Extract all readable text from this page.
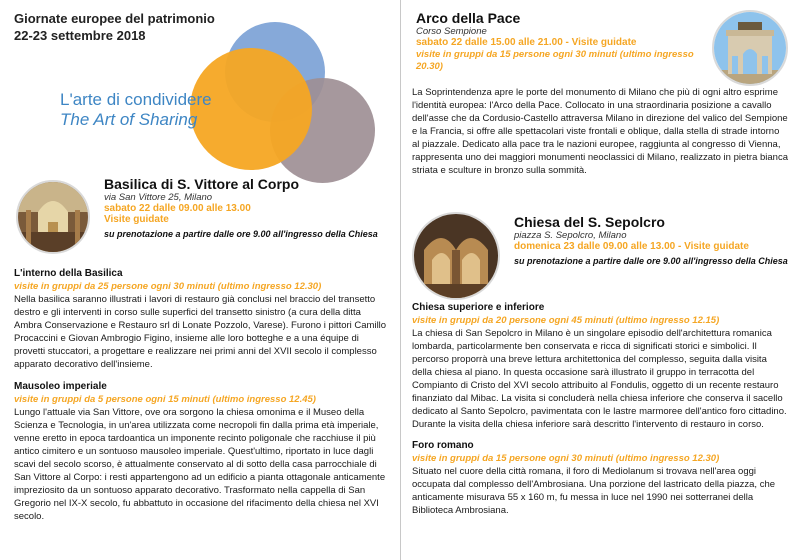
Giornate europee del patrimonio
22-23 settembre 2018
L'arte di condividere
The Art of Sharing
Basilica di S. Vittore al Corpo
via San Vittore 25, Milano
sabato 22 dalle 09.00 alle 13.00
Visite guidate
su prenotazione a partire dalle ore 9.00 all'ingresso della Chiesa
L'interno della Basilica
visite in gruppi da 25 persone ogni 30 minuti (ultimo ingresso 12.30)
Nella basilica saranno illustrati i lavori di restauro già conclusi nel braccio del transetto destro e gli interventi in corso sulle superfici del transetto sinistro (a cura della ditta Ambra Conservazione e Restauro srl di Lonate Pozzolo, Varese). Furono i pittori Camillo Procaccini e Giovan Ambrogio Figino, insieme alle loro botteghe e a una équipe di provetti stuccatori, a progettare e realizzare nei primi anni del XVII secolo il complesso apparato decorativo dell'insieme.
Mausoleo imperiale
visite in gruppi da 5 persone ogni 15 minuti (ultimo ingresso 12.45)
Lungo l'attuale via San Vittore, ove ora sorgono la chiesa omonima e il Museo della Scienza e Tecnologia, in un'area utilizzata come necropoli fin dalla prima età imperiale, venne eretto in epoca tardoantica un imponente recinto poligonale che racchiuse il più antico cimitero e un sontuoso mausoleo imperiale. Quest'ultimo, riportato in luce dagli scavi del secolo scorso, è attualmente conservato al di sotto della casa parrocchiale di San Vittore al Corpo: i resti appartengono ad un edificio a pianta ottagonale anticamente impreziosito da un sontuoso apparato decorativo. Trasformato nella cappella di San Gregorio nel IX-X secolo, fu abbattuto in occasione del rifacimento della chiesa nel XVI secolo.
Arco della Pace
Corso Sempione
sabato 22 dalle 15.00 alle 21.00 - Visite guidate
visite in gruppi da 15 persone ogni 30 minuti (ultimo ingresso 20.30)
La Soprintendenza apre le porte del monumento di Milano che più di ogni altro esprime l'identità europea: l'Arco della Pace. Collocato in una straordinaria posizione a cavallo dell'asse che da Cordusio-Castello attraversa Milano in direzione del valico del Sempione e la Francia, si offre alle spettacolari viste frontali e oblique, dalla stella di strade intorno al piazzale. Dedicato alla pace tra le nazioni europee, raggiunta al congresso di Vienna, rappresenta uno dei maggiori monumenti neoclassici di Milano, realizzato in pietra bianca striata e sculture in bronzo sulla sommità.
Chiesa del S. Sepolcro
piazza S. Sepolcro, Milano
domenica 23 dalle 09.00 alle 13.00 - Visite guidate
su prenotazione a partire dalle ore 9.00 all'ingresso della Chiesa
Chiesa superiore e inferiore
visite in gruppi da 20 persone ogni 45 minuti (ultimo ingresso 12.15)
La chiesa di San Sepolcro in Milano è un singolare episodio dell'architettura romanica lombarda, particolarmente ben conservata e ricca di significati storici e simbolici. Il percorso proporrà una breve lettura architettonica del complesso, seguita dalla visita della chiesa al piano. In questa occasione sarà illustrato il gruppo in terracotta del Compianto di Cristo del XVI secolo attribuito al Fondulis, oggetto di un recente restauro finanziato dal Mibac. La visita si concluderà nella chiesa inferiore che conserva il sacello dedicato al Santo Sepolcro, pavimentata con le lastre marmoree dell'antico foro cittadino. Durante la visita della chiesa inferiore sarà descritto l'intervento di restauro in corso.
Foro romano
visite in gruppi da 15 persone ogni 30 minuti (ultimo ingresso 12.30)
Situato nel cuore della città romana, il foro di Mediolanum si trovava nell'area oggi occupata dal complesso dell'Ambrosiana. Una porzione del lastricato della piazza, che anticamente misurava 55 x 160 m, fu messa in luce nel 1990 nei sotterranei della Biblioteca Ambrosiana.
